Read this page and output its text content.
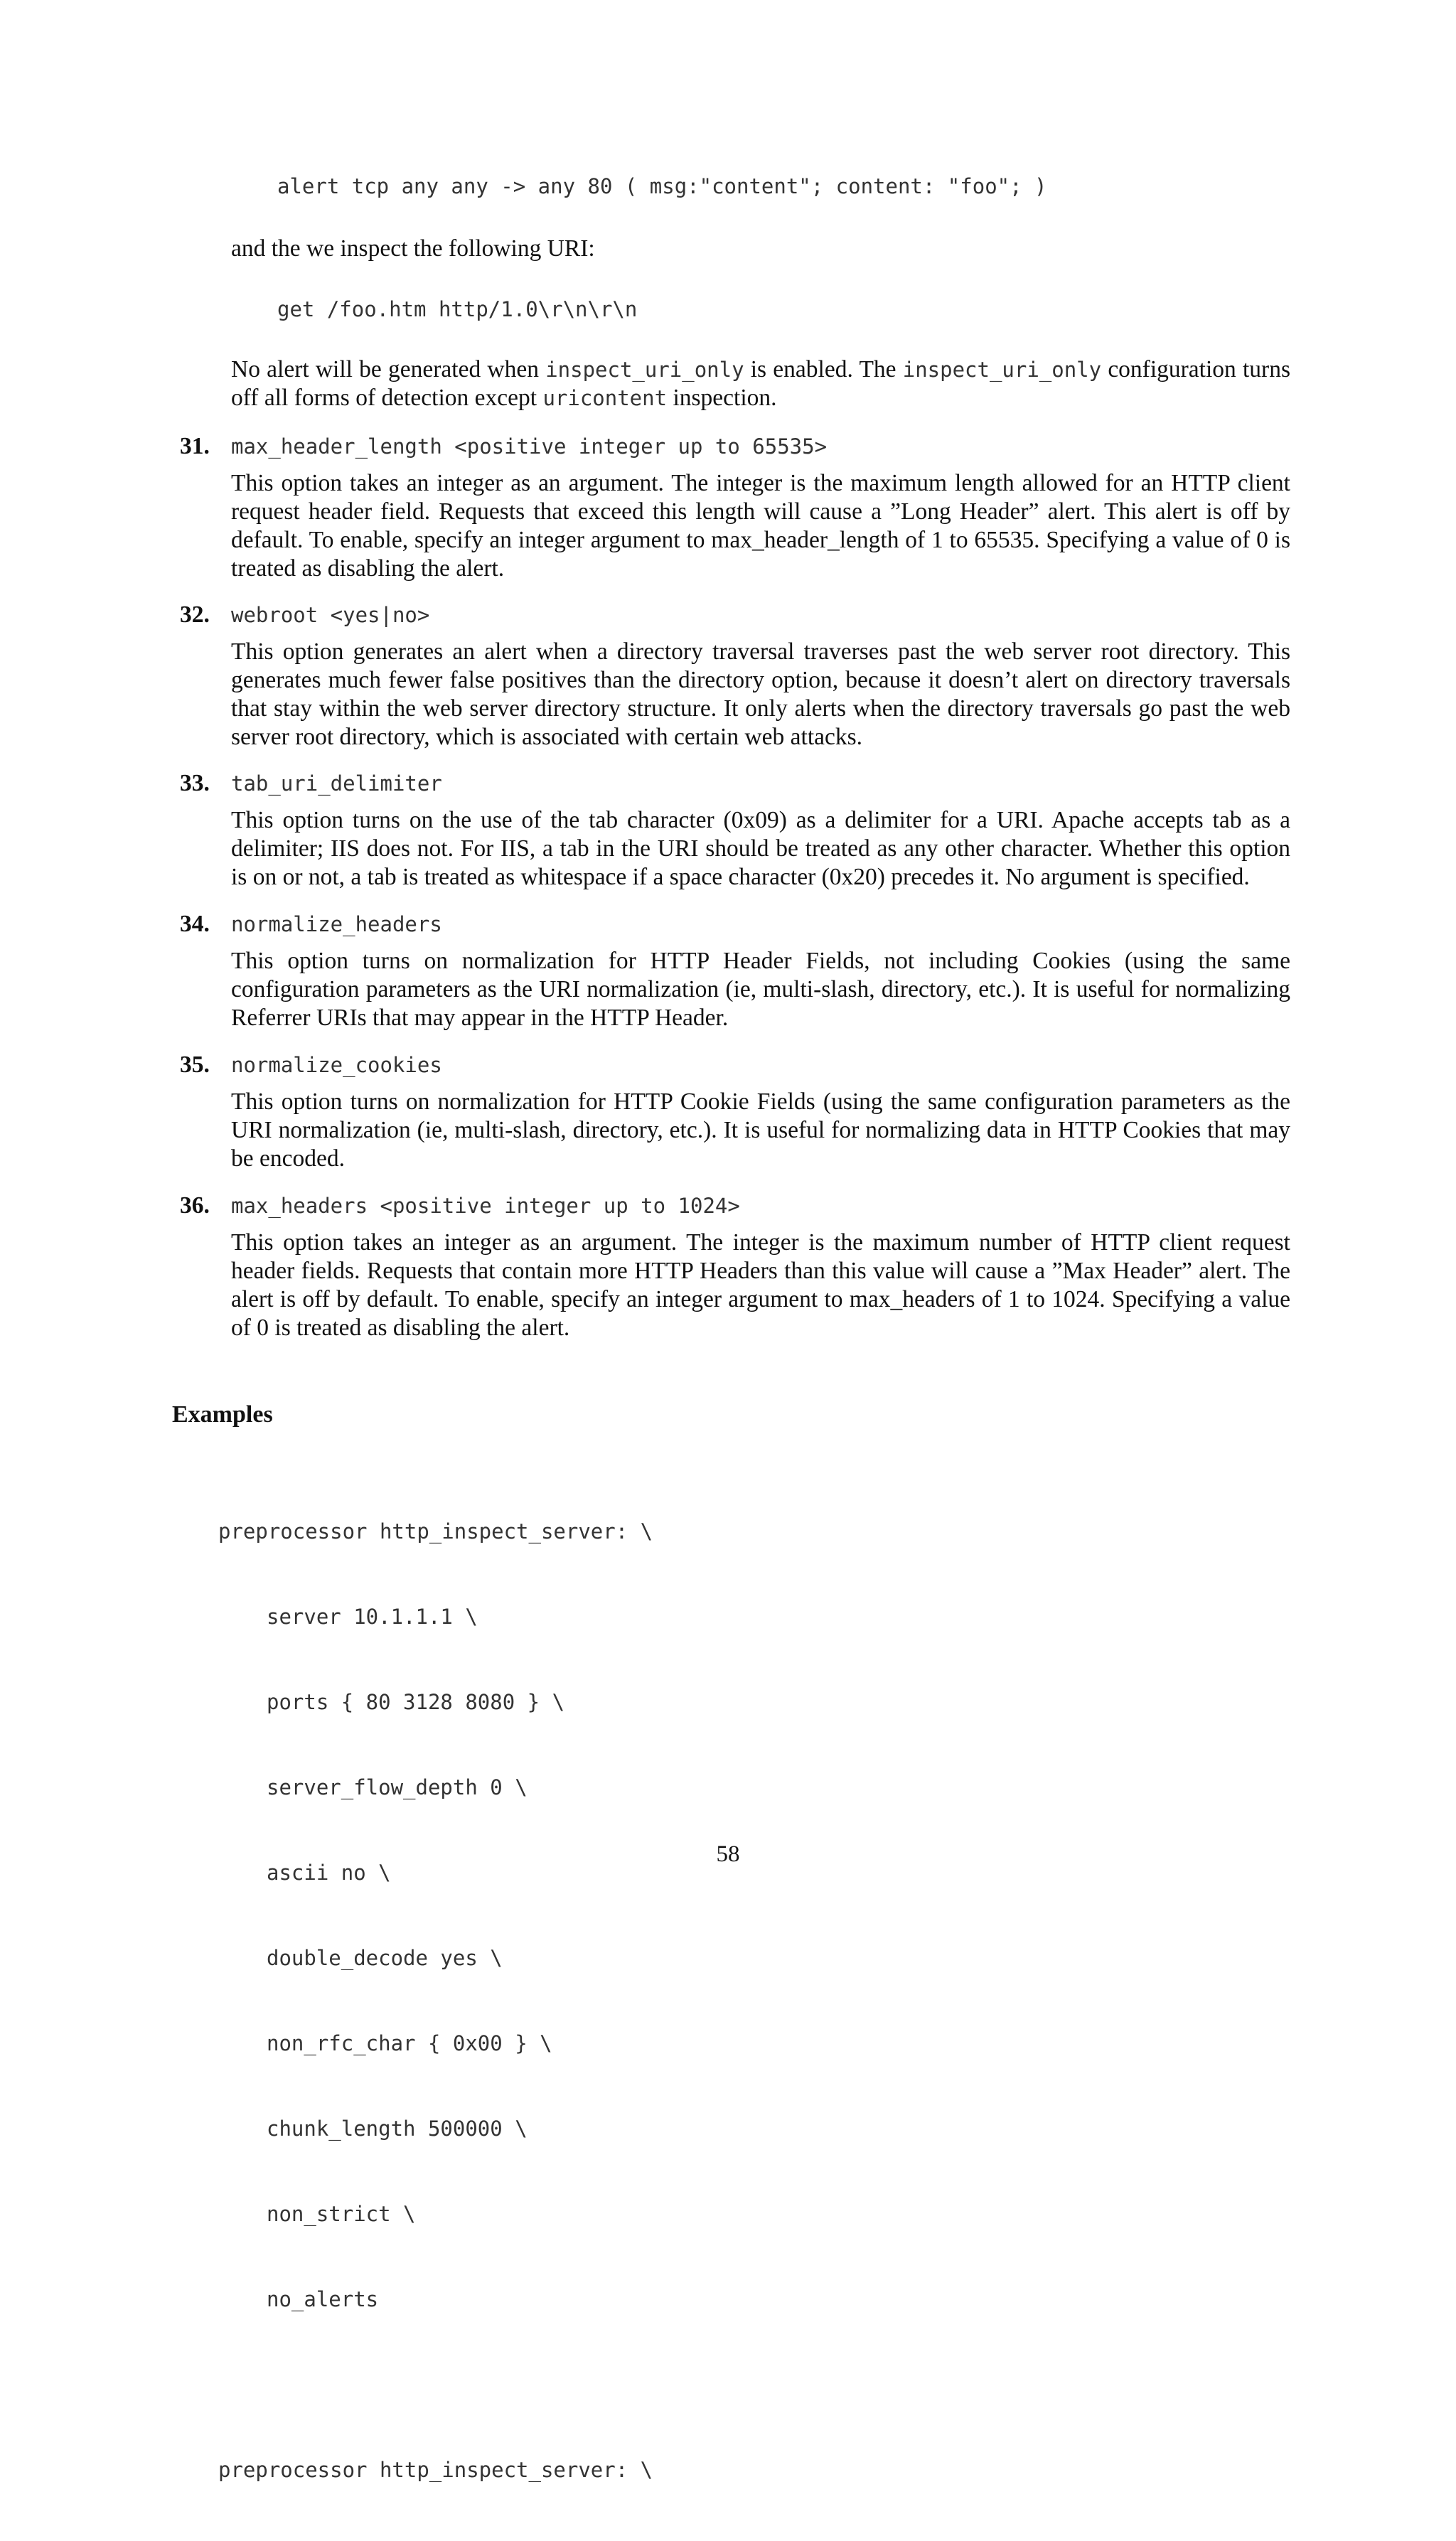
alert tcp any any -> any 80 ( msg:"content"; content: "foo"; )

and the we inspect the following URI:

get /foo.htm http/1.0\r\n\r\n

No alert will be generated when inspect_uri_only is enabled. The inspect_uri_only configuration turns off all forms of detection except uricontent inspection.

31. max_header_length <positive integer up to 65535>

This option takes an integer as an argument. The integer is the maximum length allowed for an HTTP client request header field. Requests that exceed this length will cause a ”Long Header” alert. This alert is off by default. To enable, specify an integer argument to max_header_length of 1 to 65535. Specifying a value of 0 is treated as disabling the alert.

32. webroot <yes|no>

This option generates an alert when a directory traversal traverses past the web server root directory. This generates much fewer false positives than the directory option, because it doesn’t alert on directory traversals that stay within the web server directory structure. It only alerts when the directory traversals go past the web server root directory, which is associated with certain web attacks.

33. tab_uri_delimiter

This option turns on the use of the tab character (0x09) as a delimiter for a URI. Apache accepts tab as a delimiter; IIS does not. For IIS, a tab in the URI should be treated as any other character. Whether this option is on or not, a tab is treated as whitespace if a space character (0x20) precedes it. No argument is specified.

34. normalize_headers

This option turns on normalization for HTTP Header Fields, not including Cookies (using the same configuration parameters as the URI normalization (ie, multi-slash, directory, etc.). It is useful for normalizing Referrer URIs that may appear in the HTTP Header.

35. normalize_cookies

This option turns on normalization for HTTP Cookie Fields (using the same configuration parameters as the URI normalization (ie, multi-slash, directory, etc.). It is useful for normalizing data in HTTP Cookies that may be encoded.

36. max_headers <positive integer up to 1024>

This option takes an integer as an argument. The integer is the maximum number of HTTP client request header fields. Requests that contain more HTTP Headers than this value will cause a ”Max Header” alert. The alert is off by default. To enable, specify an integer argument to max_headers of 1 to 1024. Specifying a value of 0 is treated as disabling the alert.

Examples

preprocessor http_inspect_server: \

server 10.1.1.1 \

ports { 80 3128 8080 } \

server_flow_depth 0 \

ascii no \

double_decode yes \

non_rfc_char { 0x00 } \

chunk_length 500000 \

non_strict \

no_alerts

preprocessor http_inspect_server: \

58
